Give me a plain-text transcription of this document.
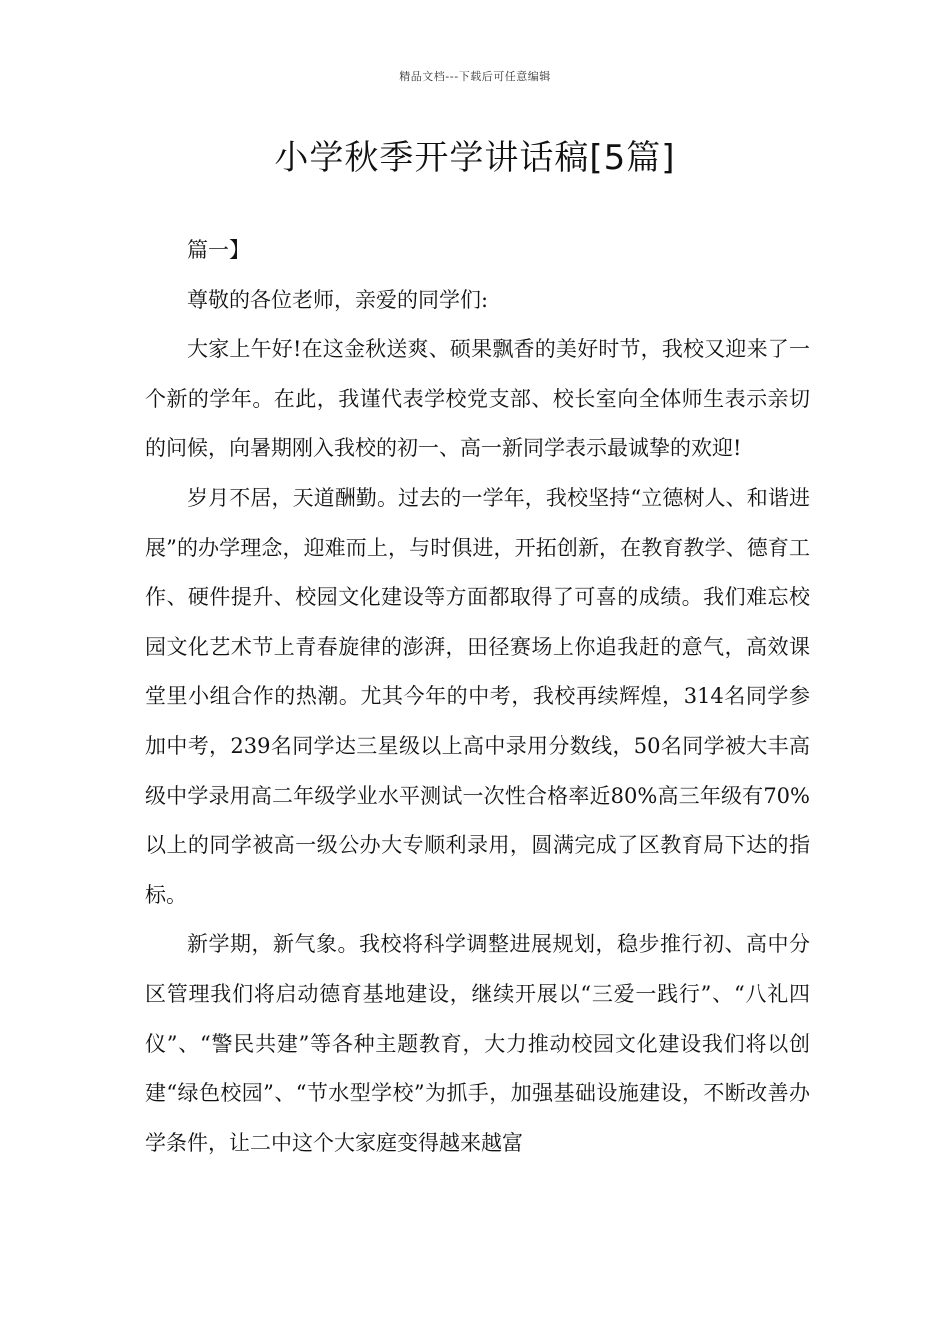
精品文档---下载后可任意编辑
小学秋季开学讲话稿[5篇]

篇一】

尊敬的各位老师，亲爱的同学们:

大家上午好!在这金秋送爽、硕果飘香的美好时节，我校又迎来了一个新的学年。在此，我谨代表学校党支部、校长室向全体师生表示亲切的问候，向暑期刚入我校的初一、高一新同学表示最诚挚的欢迎!

岁月不居，天道酬勤。过去的一学年，我校坚持“立德树人、和谐进展”的办学理念，迎难而上，与时俱进，开拓创新，在教育教学、德育工作、硬件提升、校园文化建设等方面都取得了可喜的成绩。我们难忘校园文化艺术节上青春旋律的澎湃，田径赛场上你追我赶的意气，高效课堂里小组合作的热潮。尤其今年的中考，我校再续辉煌，314名同学参加中考，239名同学达三星级以上高中录用分数线，50名同学被大丰高级中学录用高二年级学业水平测试一次性合格率近80%高三年级有70%以上的同学被高一级公办大专顺利录用，圆满完成了区教育局下达的指标。

新学期，新气象。我校将科学调整进展规划，稳步推行初、高中分区管理我们将启动德育基地建设，继续开展以“三爱一践行”、“八礼四仪”、“警民共建”等各种主题教育，大力推动校园文化建设我们将以创建“绿色校园”、“节水型学校”为抓手，加强基础设施建设，不断改善办学条件，让二中这个大家庭变得越来越富
